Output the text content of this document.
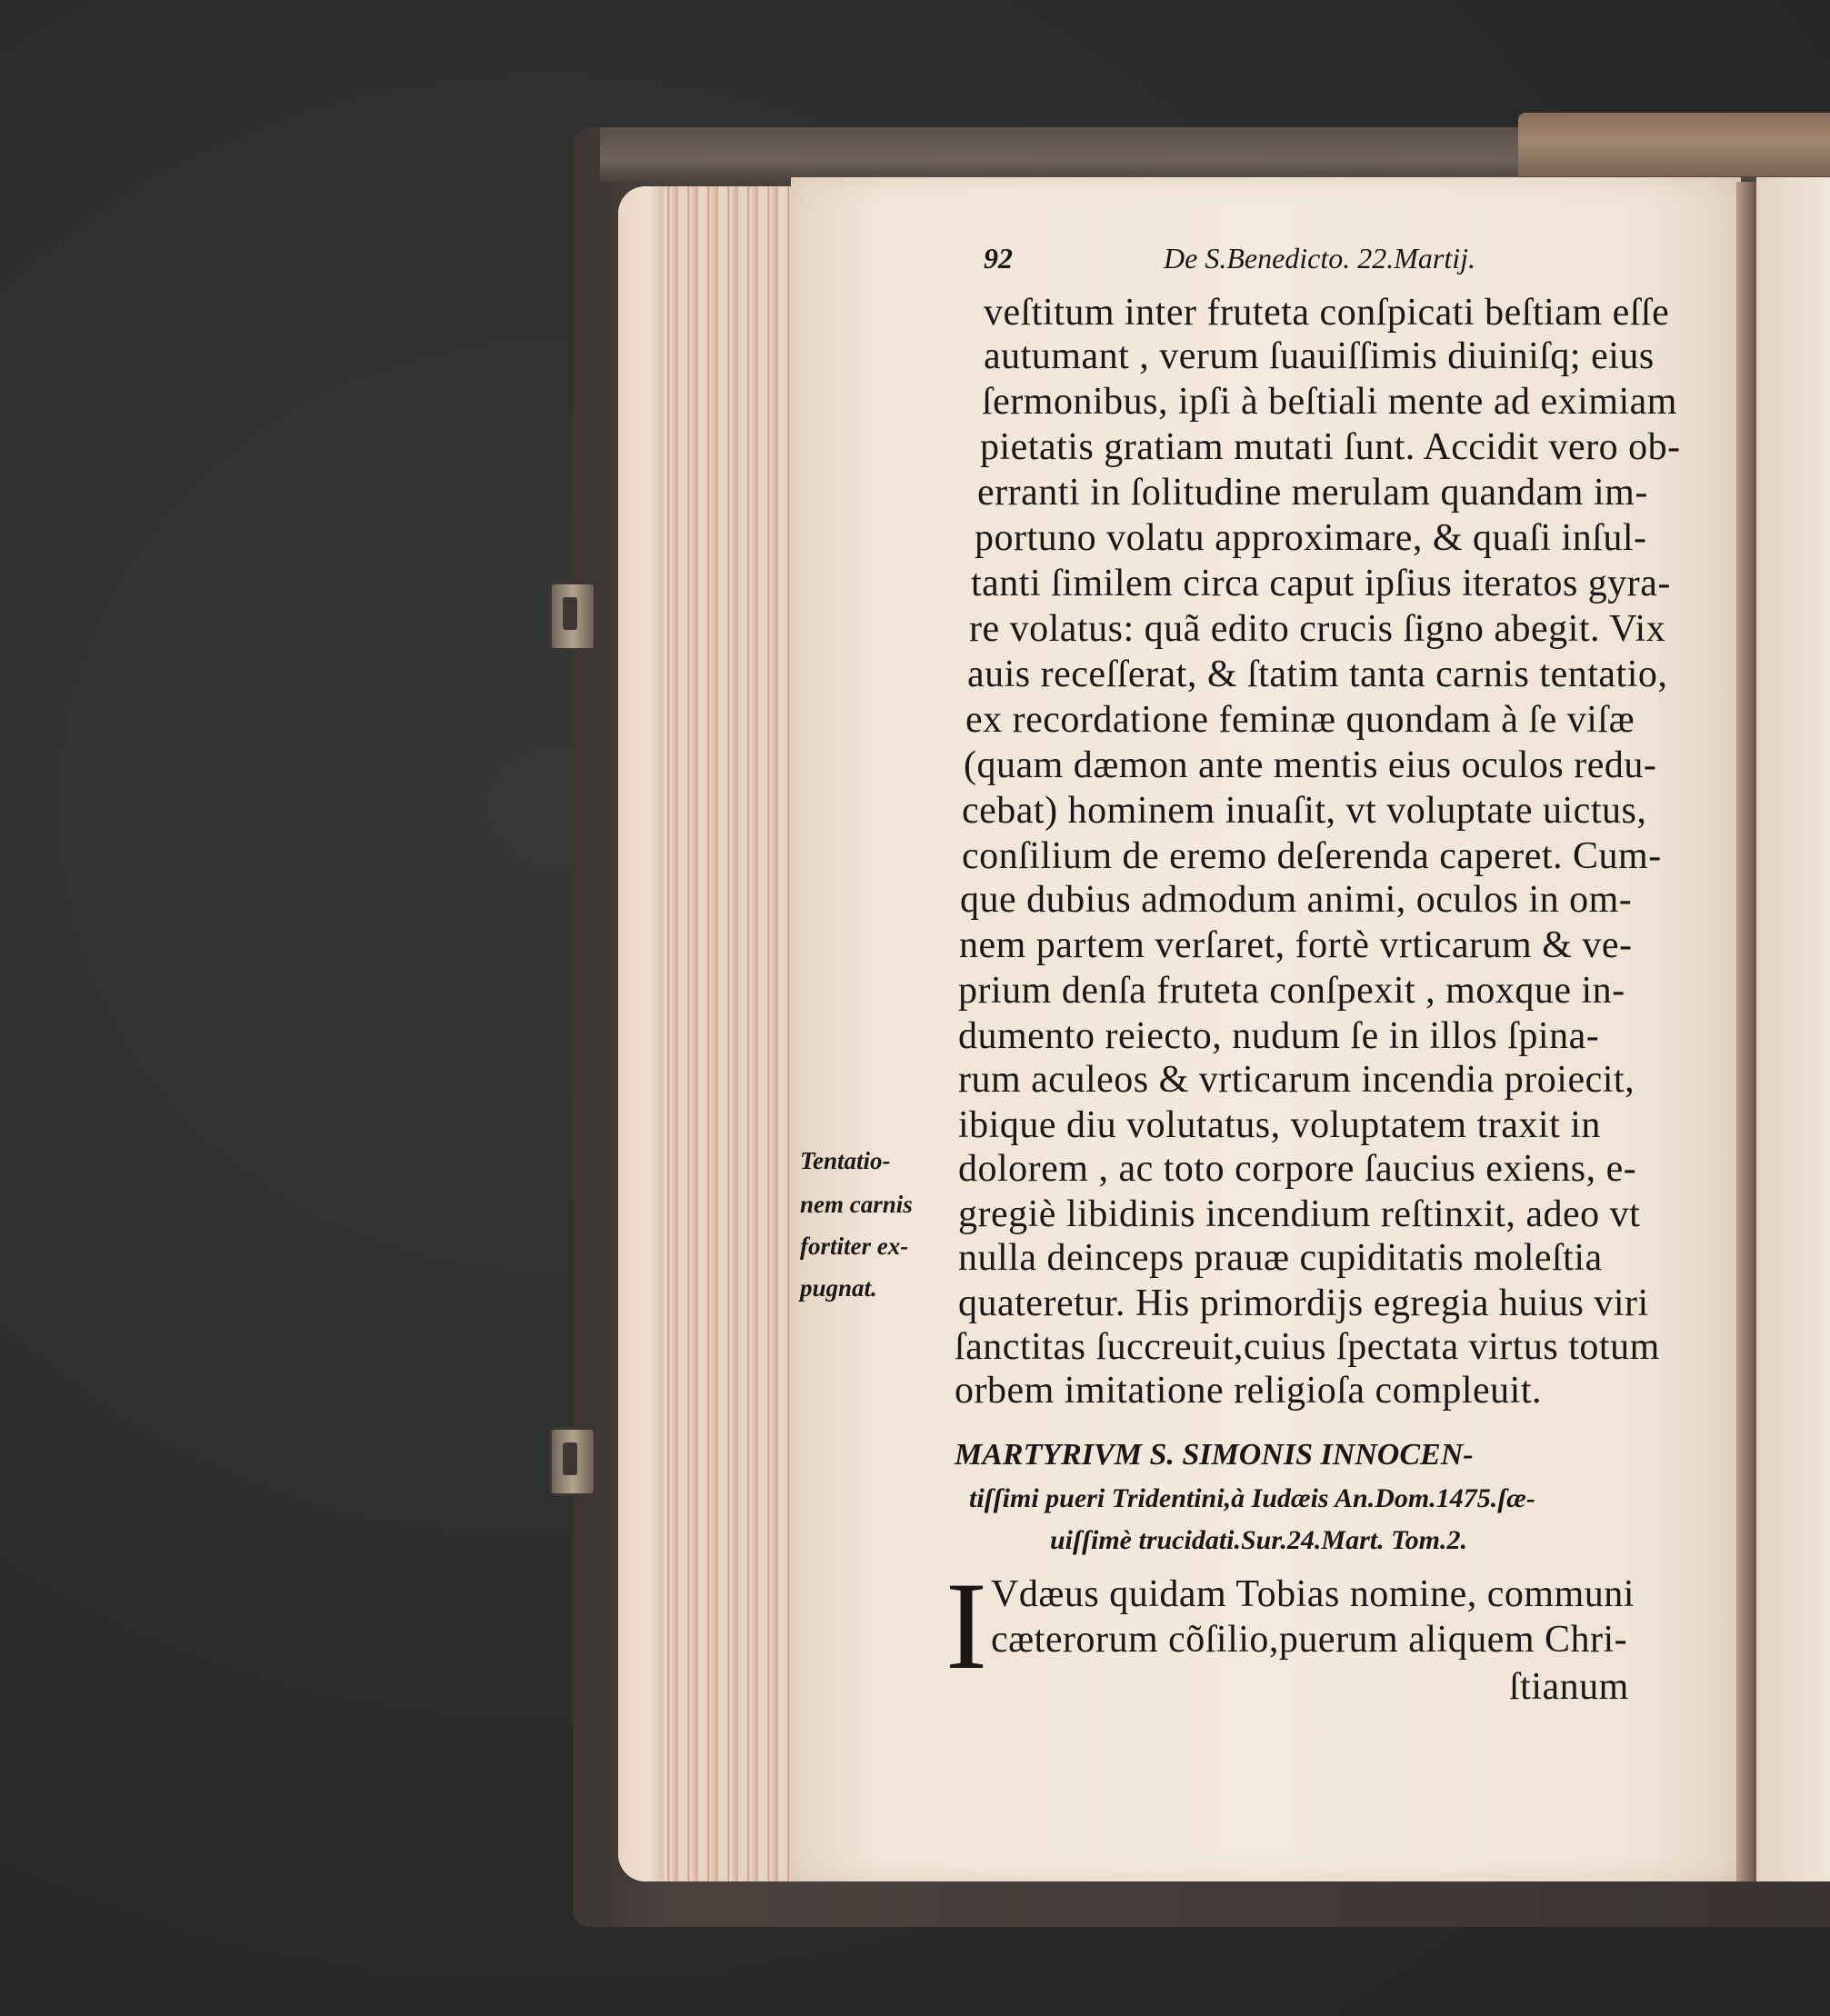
92	De S.Benedicto. 22.Martij.
veſtitum inter fruteta conſpicati beſtiam eſſe
autumant , verum ſuauiſſimis diuiniſq; eius
ſermonibus, ipſi à beſtiali mente ad eximiam
pietatis gratiam mutati ſunt. Accidit vero ob-
erranti in ſolitudine merulam quandam im-
portuno volatu approximare, & quaſi inſul-
tanti ſimilem circa caput ipſius iteratos gyra-
re volatus: quã edito crucis ſigno abegit. Vix
auis receſſerat, & ſtatim tanta carnis tentatio,
ex recordatione feminæ quondam à ſe viſæ
(quam dæmon ante mentis eius oculos redu-
cebat) hominem inuaſit, vt voluptate uictus,
conſilium de eremo deſerenda caperet. Cum-
que dubius admodum animi, oculos in om-
nem partem verſaret, fortè vrticarum & ve-
prium denſa fruteta conſpexit , moxque in-
dumento reiecto, nudum ſe in illos ſpina-
rum aculeos & vrticarum incendia proiecit,
ibique diu volutatus, voluptatem traxit in
dolorem , ac toto corpore ſaucius exiens, e-
gregiè libidinis incendium reſtinxit, adeo vt
nulla deinceps prauæ cupiditatis moleſtia
quateretur. His primordijs egregia huius viri
ſanctitas ſuccreuit,cuius ſpectata virtus totum
orbem imitatione religioſa compleuit.
Tentatio-
nem carnis
fortiter ex-
pugnat.
MARTYRIVM S. SIMONIS INNOCEN-
tiſſimi pueri Tridentini,à Iudæis An.Dom.1475.ſæ-
uiſſimè trucidati.Sur.24.Mart. Tom.2.
I Vdæus quidam Tobias nomine, communi
cæterorum cõſilio,puerum aliquem Chri-
ſtianum
